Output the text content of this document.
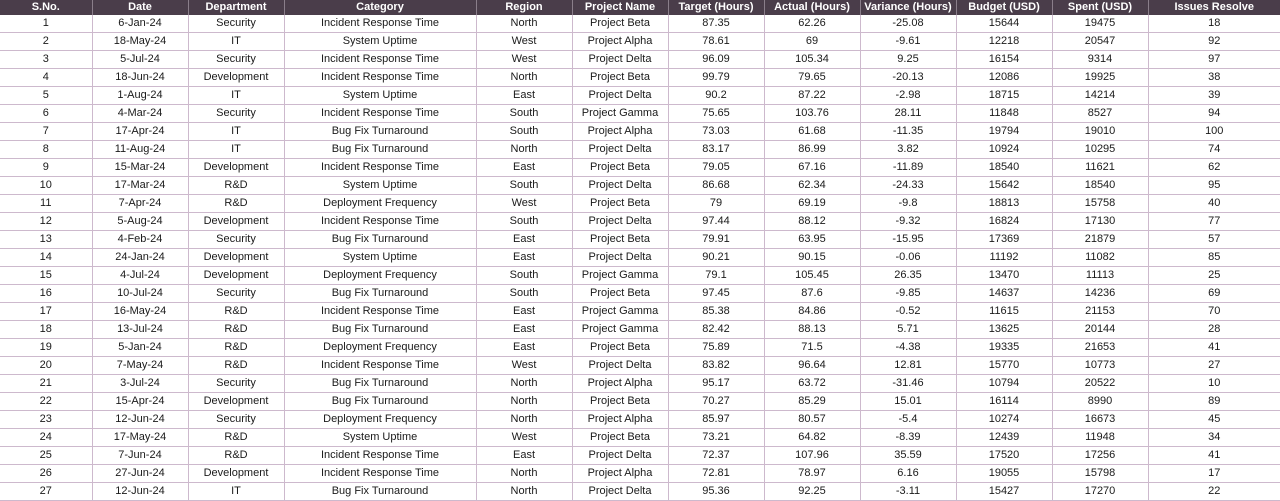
S.No.	Date	Department	Category	Region	Project Name	Target (Hours)	Actual (Hours)	Variance (Hours)	Budget (USD)	Spent (USD)	Issues Resolve
1	6-Jan-24	Security	Incident Response Time	North	Project Beta	87.35	62.26	-25.08	15644	19475	18
2	18-May-24	IT	System Uptime	West	Project Alpha	78.61	69	-9.61	12218	20547	92
3	5-Jul-24	Security	Incident Response Time	West	Project Delta	96.09	105.34	9.25	16154	9314	97
4	18-Jun-24	Development	Incident Response Time	North	Project Beta	99.79	79.65	-20.13	12086	19925	38
5	1-Aug-24	IT	System Uptime	East	Project Delta	90.2	87.22	-2.98	18715	14214	39
6	4-Mar-24	Security	Incident Response Time	South	Project Gamma	75.65	103.76	28.11	11848	8527	94
7	17-Apr-24	IT	Bug Fix Turnaround	South	Project Alpha	73.03	61.68	-11.35	19794	19010	100
8	11-Aug-24	IT	Bug Fix Turnaround	North	Project Delta	83.17	86.99	3.82	10924	10295	74
9	15-Mar-24	Development	Incident Response Time	East	Project Beta	79.05	67.16	-11.89	18540	11621	62
10	17-Mar-24	R&D	System Uptime	South	Project Delta	86.68	62.34	-24.33	15642	18540	95
11	7-Apr-24	R&D	Deployment Frequency	West	Project Beta	79	69.19	-9.8	18813	15758	40
12	5-Aug-24	Development	Incident Response Time	South	Project Delta	97.44	88.12	-9.32	16824	17130	77
13	4-Feb-24	Security	Bug Fix Turnaround	East	Project Beta	79.91	63.95	-15.95	17369	21879	57
14	24-Jan-24	Development	System Uptime	East	Project Delta	90.21	90.15	-0.06	11192	11082	85
15	4-Jul-24	Development	Deployment Frequency	South	Project Gamma	79.1	105.45	26.35	13470	11113	25
16	10-Jul-24	Security	Bug Fix Turnaround	South	Project Beta	97.45	87.6	-9.85	14637	14236	69
17	16-May-24	R&D	Incident Response Time	East	Project Gamma	85.38	84.86	-0.52	11615	21153	70
18	13-Jul-24	R&D	Bug Fix Turnaround	East	Project Gamma	82.42	88.13	5.71	13625	20144	28
19	5-Jan-24	R&D	Deployment Frequency	East	Project Beta	75.89	71.5	-4.38	19335	21653	41
20	7-May-24	R&D	Incident Response Time	West	Project Delta	83.82	96.64	12.81	15770	10773	27
21	3-Jul-24	Security	Bug Fix Turnaround	North	Project Alpha	95.17	63.72	-31.46	10794	20522	10
22	15-Apr-24	Development	Bug Fix Turnaround	North	Project Beta	70.27	85.29	15.01	16114	8990	89
23	12-Jun-24	Security	Deployment Frequency	North	Project Alpha	85.97	80.57	-5.4	10274	16673	45
24	17-May-24	R&D	System Uptime	West	Project Beta	73.21	64.82	-8.39	12439	11948	34
25	7-Jun-24	R&D	Incident Response Time	East	Project Delta	72.37	107.96	35.59	17520	17256	41
26	27-Jun-24	Development	Incident Response Time	North	Project Alpha	72.81	78.97	6.16	19055	15798	17
27	12-Jun-24	IT	Bug Fix Turnaround	North	Project Delta	95.36	92.25	-3.11	15427	17270	22
